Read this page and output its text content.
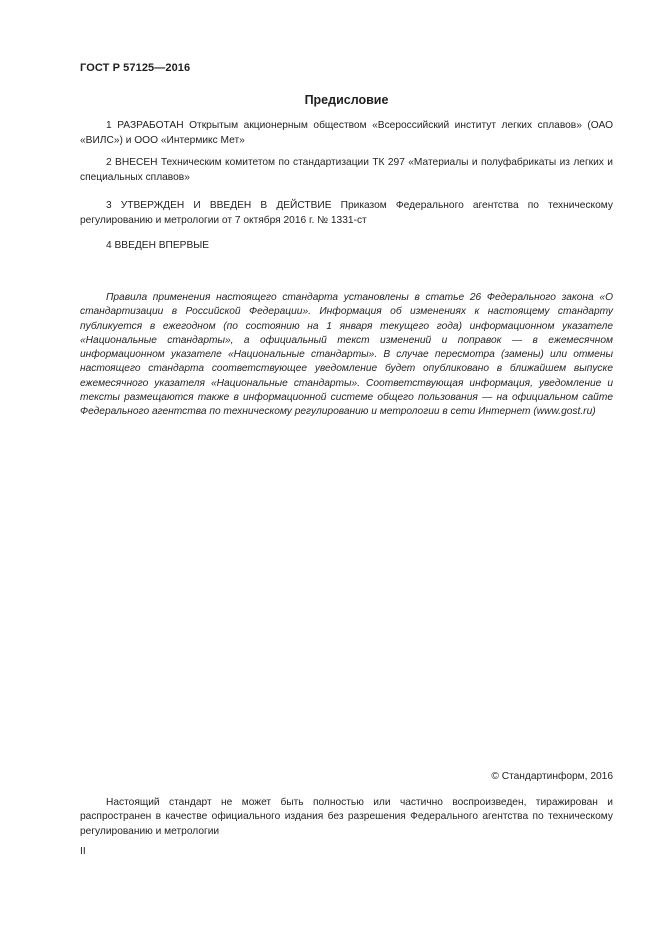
ГОСТ Р 57125—2016
Предисловие

1 РАЗРАБОТАН Открытым акционерным обществом «Всероссийский институт легких сплавов» (ОАО «ВИЛС») и ООО «Интермикс Мет»

2 ВНЕСЕН Техническим комитетом по стандартизации ТК 297 «Материалы и полуфабрикаты из легких и специальных сплавов»

3 УТВЕРЖДЕН И ВВЕДЕН В ДЕЙСТВИЕ Приказом Федерального агентства по техническому регулированию и метрологии от 7 октября 2016 г. № 1331-ст

4 ВВЕДЕН ВПЕРВЫЕ

Правила применения настоящего стандарта установлены в статье 26 Федерального закона «О стандартизации в Российской Федерации». Информация об изменениях к настоящему стандарту публикуется в ежегодном (по состоянию на 1 января текущего года) информационном указателе «Национальные стандарты», а официальный текст изменений и поправок — в ежемесячном информационном указателе «Национальные стандарты». В случае пересмотра (замены) или отмены настоящего стандарта соответствующее уведомление будет опубликовано в ближайшем выпуске ежемесячного указателя «Национальные стандарты». Соответствующая информация, уведомление и тексты размещаются также в информационной системе общего пользования — на официальном сайте Федерального агентства по техническому регулированию и метрологии в сети Интернет (www.gost.ru)

© Стандартинформ, 2016

Настоящий стандарт не может быть полностью или частично воспроизведен, тиражирован и распространен в качестве официального издания без разрешения Федерального агентства по техническому регулированию и метрологии

II
